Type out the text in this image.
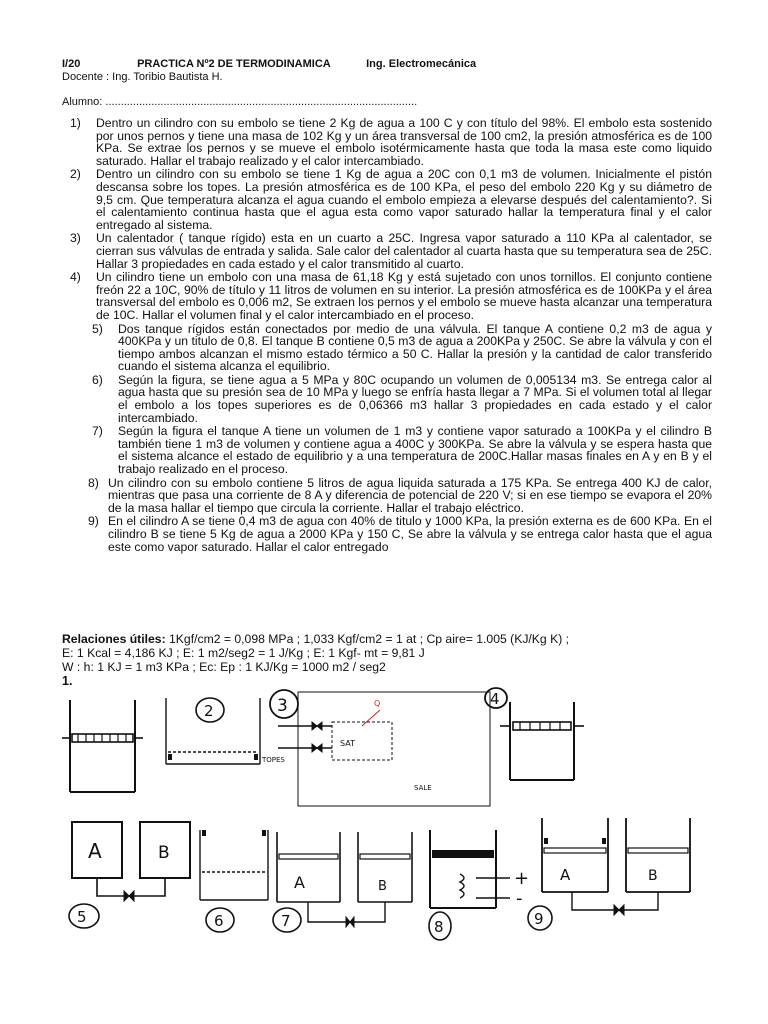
I/20	PRACTICA Nº2 DE TERMODINAMICA	Ing. Electromecánica
Docente : Ing. Toribio Bautista H.
Alumno: ......................................................................................................
1)	Dentro un cilindro con su embolo se tiene 2 Kg de agua a 100 C y con título del 98%. El embolo esta sostenido por unos pernos y tiene una masa de 102 Kg y un área transversal de 100 cm2, la presión atmosférica es de 100 KPa. Se extrae los pernos y se mueve el embolo isotérmicamente hasta que toda la masa este como liquido saturado. Hallar el trabajo realizado y el calor intercambiado.
2)	Dentro un cilindro con su embolo se tiene 1 Kg de agua a 20C con 0,1 m3 de volumen. Inicialmente el pistón descansa sobre los topes. La presión atmosférica es de 100 KPa, el peso del embolo 220 Kg y su diámetro de 9,5 cm. Que temperatura alcanza el agua cuando el embolo empieza a elevarse después del calentamiento?. Si el calentamiento continua hasta que el agua esta como vapor saturado hallar la temperatura final y el calor entregado al sistema.
3)	Un calentador ( tanque rígido) esta en un cuarto a 25C. Ingresa vapor saturado a 110 KPa al calentador, se cierran sus válvulas de entrada y salida. Sale calor del calentador al cuarta hasta que su temperatura sea de 25C. Hallar 3 propiedades en cada estado y el calor transmitido al cuarto.
4)	Un cilindro tiene un embolo con una masa de 61,18 Kg y está sujetado con unos tornillos. El conjunto contiene freón 22 a 10C, 90% de título y 11 litros de volumen en su interior. La presión atmosférica es de 100KPa y el área transversal del embolo es 0,006 m2, Se extraen los pernos y el embolo se mueve hasta alcanzar una temperatura de 10C. Hallar el volumen final y el calor intercambiado en el proceso.
5)	Dos tanque rígidos están conectados por medio de una válvula. El tanque A contiene 0,2 m3 de agua y 400KPa y un titulo de 0,8. El tanque B contiene 0,5 m3 de agua a 200KPa y 250C. Se abre la válvula y con el tiempo ambos alcanzan el mismo estado térmico a 50 C. Hallar la presión y la cantidad de calor transferido cuando el sistema alcanza el equilibrio.
6)	Según la figura, se tiene agua a 5 MPa y 80C ocupando un volumen de 0,005134 m3. Se entrega calor al agua hasta que su presión sea de 10 MPa y luego se enfría hasta llegar a 7 MPa. Si el volumen total al llegar el embolo a los topes superiores es de 0,06366 m3 hallar 3 propiedades en cada estado y el calor intercambiado.
7)	Según la figura el tanque A tiene un volumen de 1 m3 y contiene vapor saturado a 100KPa y el cilindro B también tiene 1 m3 de volumen y contiene agua a 400C y 300KPa. Se abre la válvula y se espera hasta que el sistema alcance el estado de equilibrio y a una temperatura de 200C.Hallar masas finales en A y en B y el trabajo realizado en el proceso.
8) Un cilindro con su embolo contiene 5 litros de agua liquida saturada a 175 KPa. Se entrega 400 KJ de calor, mientras que pasa una corriente de 8 A y diferencia de potencial de 220 V; si en ese tiempo se evapora el 20% de la masa hallar el tiempo que circula la corriente. Hallar el trabajo eléctrico.
9) En el cilindro A se tiene 0,4 m3 de agua con 40% de titulo y 1000 KPa, la presión externa es de 600 KPa. En el cilindro B se tiene 5 Kg de agua a 2000 KPa y 150 C, Se abre la válvula y se entrega calor hasta que el agua este como vapor saturado. Hallar el calor entregado
Relaciones útiles: 1Kgf/cm2 = 0,098 MPa ; 1,033 Kgf/cm2 = 1 at ; Cp aire= 1.005 (KJ/Kg K) ;
E: 1 Kcal = 4,186 KJ ; E: 1 m2/seg2 = 1 J/Kg ; E: 1 Kgf- mt = 9,81 J
W : h: 1 KJ = 1 m3 KPa ; Ec: Ep : 1 KJ/Kg = 1000 m2 / seg2
1.
2
TOPES
3	Q
SAT
SALE
4
A	B
5	6
A	B
7
+
-
8
A	B
9
